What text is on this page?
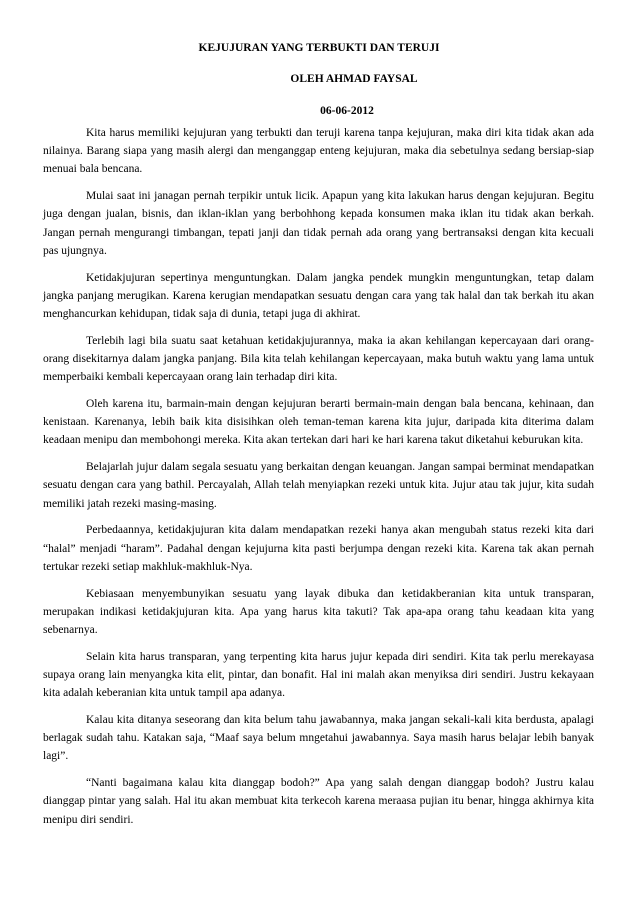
KEJUJURAN YANG TERBUKTI DAN TERUJI
OLEH AHMAD FAYSAL
06-06-2012

Kita harus memiliki kejujuran yang terbukti dan teruji karena tanpa kejujuran, maka diri kita tidak akan ada nilainya. Barang siapa yang masih alergi dan menganggap enteng kejujuran, maka dia sebetulnya sedang bersiap-siap menuai bala bencana.

Mulai saat ini janagan pernah terpikir untuk licik. Apapun yang kita lakukan harus dengan kejujuran. Begitu juga dengan jualan, bisnis, dan iklan-iklan yang berbohhong kepada konsumen maka iklan itu tidak akan berkah. Jangan pernah mengurangi timbangan, tepati janji dan tidak pernah ada orang yang bertransaksi dengan kita kecuali pas ujungnya.

Ketidakjujuran sepertinya menguntungkan. Dalam jangka pendek mungkin menguntungkan, tetap dalam jangka panjang merugikan. Karena kerugian mendapatkan sesuatu dengan cara yang tak halal dan tak berkah itu akan menghancurkan kehidupan, tidak saja di dunia, tetapi juga di akhirat.

Terlebih lagi bila suatu saat ketahuan ketidakjujurannya, maka ia akan kehilangan kepercayaan dari orang-orang disekitarnya dalam jangka panjang. Bila kita telah kehilangan kepercayaan, maka butuh waktu yang lama untuk memperbaiki kembali kepercayaan orang lain terhadap diri kita.

Oleh karena itu, barmain-main dengan kejujuran berarti bermain-main dengan bala bencana, kehinaan, dan kenistaan. Karenanya, lebih baik kita disisihkan oleh teman-teman karena kita jujur, daripada kita diterima dalam keadaan menipu dan membohongi mereka. Kita akan tertekan dari hari ke hari karena takut diketahui keburukan kita.

Belajarlah jujur dalam segala sesuatu yang berkaitan dengan keuangan. Jangan sampai berminat mendapatkan sesuatu dengan cara yang bathil. Percayalah, Allah telah menyiapkan rezeki untuk kita. Jujur atau tak jujur, kita sudah memiliki jatah rezeki masing-masing.

Perbedaannya, ketidakjujuran kita dalam mendapatkan rezeki hanya akan mengubah status rezeki kita dari “halal” menjadi “haram”. Padahal dengan kejujurna kita pasti berjumpa dengan rezeki kita. Karena tak akan pernah tertukar rezeki setiap makhluk-makhluk-Nya.

Kebiasaan menyembunyikan sesuatu yang layak dibuka dan ketidakberanian kita untuk transparan, merupakan indikasi ketidakjujuran kita. Apa yang harus kita takuti? Tak apa-apa orang tahu keadaan kita yang sebenarnya.

Selain kita harus transparan, yang terpenting kita harus jujur kepada diri sendiri. Kita tak perlu merekayasa supaya orang lain menyangka kita elit, pintar, dan bonafit. Hal ini malah akan menyiksa diri sendiri. Justru kekayaan kita adalah keberanian kita untuk tampil apa adanya.

Kalau kita ditanya seseorang dan kita belum tahu jawabannya, maka jangan sekali-kali kita berdusta, apalagi berlagak sudah tahu. Katakan saja, “Maaf saya belum mngetahui jawabannya. Saya masih harus belajar lebih banyak lagi”.

“Nanti bagaimana kalau kita dianggap bodoh?” Apa yang salah dengan dianggap bodoh? Justru kalau dianggap pintar yang salah. Hal itu akan membuat kita terkecoh karena meraasa pujian itu benar, hingga akhirnya kita menipu diri sendiri.
